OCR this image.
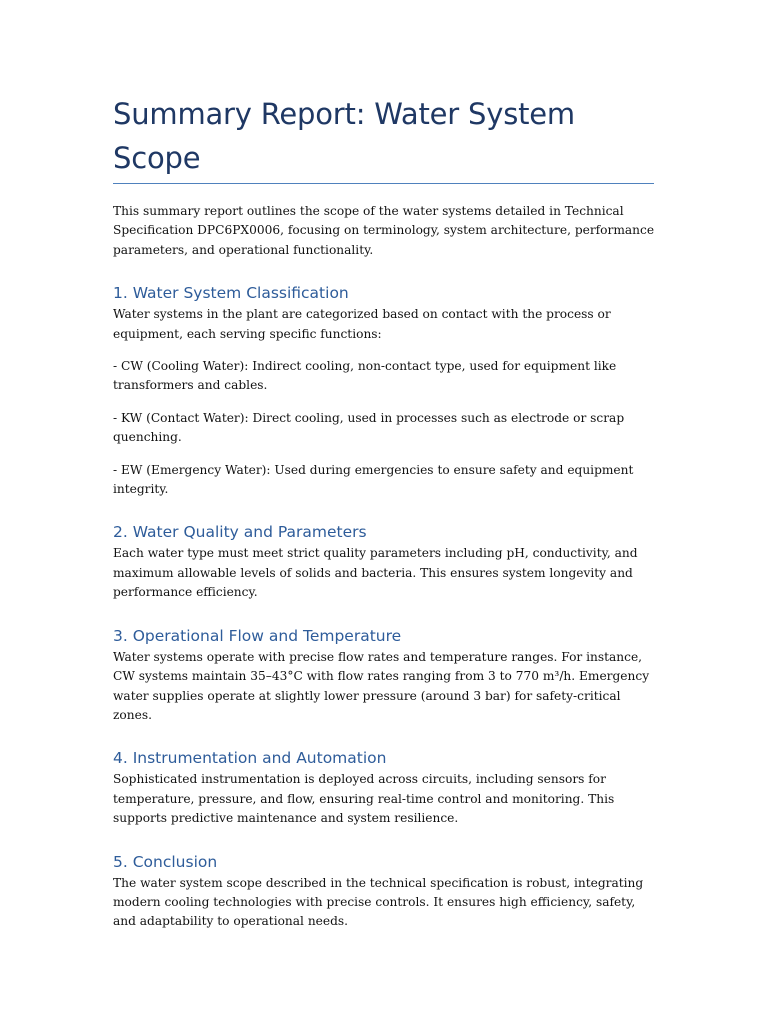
Summary Report: Water System Scope

This summary report outlines the scope of the water systems detailed in Technical Specification DPC6PX0006, focusing on terminology, system architecture, performance parameters, and operational functionality.

1. Water System Classification

Water systems in the plant are categorized based on contact with the process or equipment, each serving specific functions:

- CW (Cooling Water): Indirect cooling, non-contact type, used for equipment like transformers and cables.

- KW (Contact Water): Direct cooling, used in processes such as electrode or scrap quenching.

- EW (Emergency Water): Used during emergencies to ensure safety and equipment integrity.

2. Water Quality and Parameters

Each water type must meet strict quality parameters including pH, conductivity, and maximum allowable levels of solids and bacteria. This ensures system longevity and performance efficiency.

3. Operational Flow and Temperature

Water systems operate with precise flow rates and temperature ranges. For instance, CW systems maintain 35–43°C with flow rates ranging from 3 to 770 m³/h. Emergency water supplies operate at slightly lower pressure (around 3 bar) for safety-critical zones.

4. Instrumentation and Automation

Sophisticated instrumentation is deployed across circuits, including sensors for temperature, pressure, and flow, ensuring real-time control and monitoring. This supports predictive maintenance and system resilience.

5. Conclusion

The water system scope described in the technical specification is robust, integrating modern cooling technologies with precise controls. It ensures high efficiency, safety, and adaptability to operational needs.
